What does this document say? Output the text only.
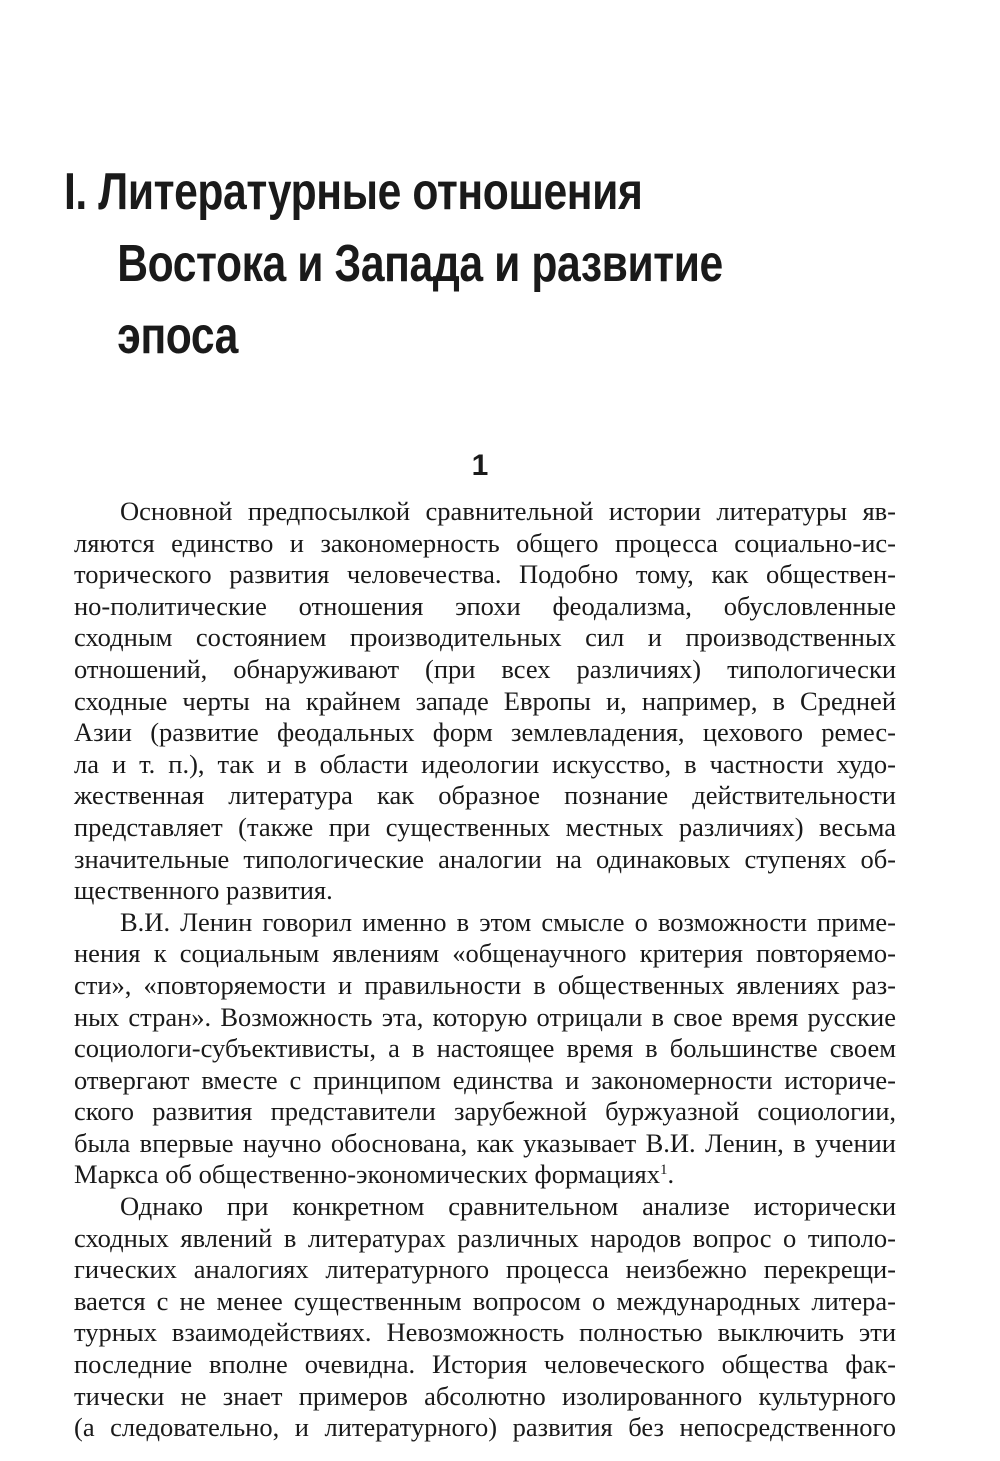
I. Литературные отношения
Востока и Запада и развитие
эпоса
1

Основной предпосылкой сравнительной истории литературы яв-
ляются единство и закономерность общего процесса социально-ис-
торического развития человечества. Подобно тому, как обществен-
но-политические отношения эпохи феодализма, обусловленные
сходным состоянием производительных сил и производственных
отношений, обнаруживают (при всех различиях) типологически
сходные черты на крайнем западе Европы и, например, в Средней
Азии (развитие феодальных форм землевладения, цехового ремес-
ла и т. п.), так и в области идеологии искусство, в частности худо-
жественная литература как образное познание действительности
представляет (также при существенных местных различиях) весьма
значительные типологические аналогии на одинаковых ступенях об-
щественного развития.

В.И. Ленин говорил именно в этом смысле о возможности приме-
нения к социальным явлениям «общенаучного критерия повторяемо-
сти», «повторяемости и правильности в общественных явлениях раз-
ных стран». Возможность эта, которую отрицали в свое время русские
социологи-субъективисты, а в настоящее время в большинстве своем
отвергают вместе с принципом единства и закономерности историче-
ского развития представители зарубежной буржуазной социологии,
была впервые научно обоснована, как указывает В.И. Ленин, в учении
Маркса об общественно-экономических формациях$^1$.

Однако при конкретном сравнительном анализе исторически
сходных явлений в литературах различных народов вопрос о типоло-
гических аналогиях литературного процесса неизбежно перекрещи-
вается с не менее существенным вопросом о международных литера-
турных взаимодействиях. Невозможность полностью выключить эти
последние вполне очевидна. История человеческого общества фак-
тически не знает примеров абсолютно изолированного культурного
(а следовательно, и литературного) развития без непосредственного
